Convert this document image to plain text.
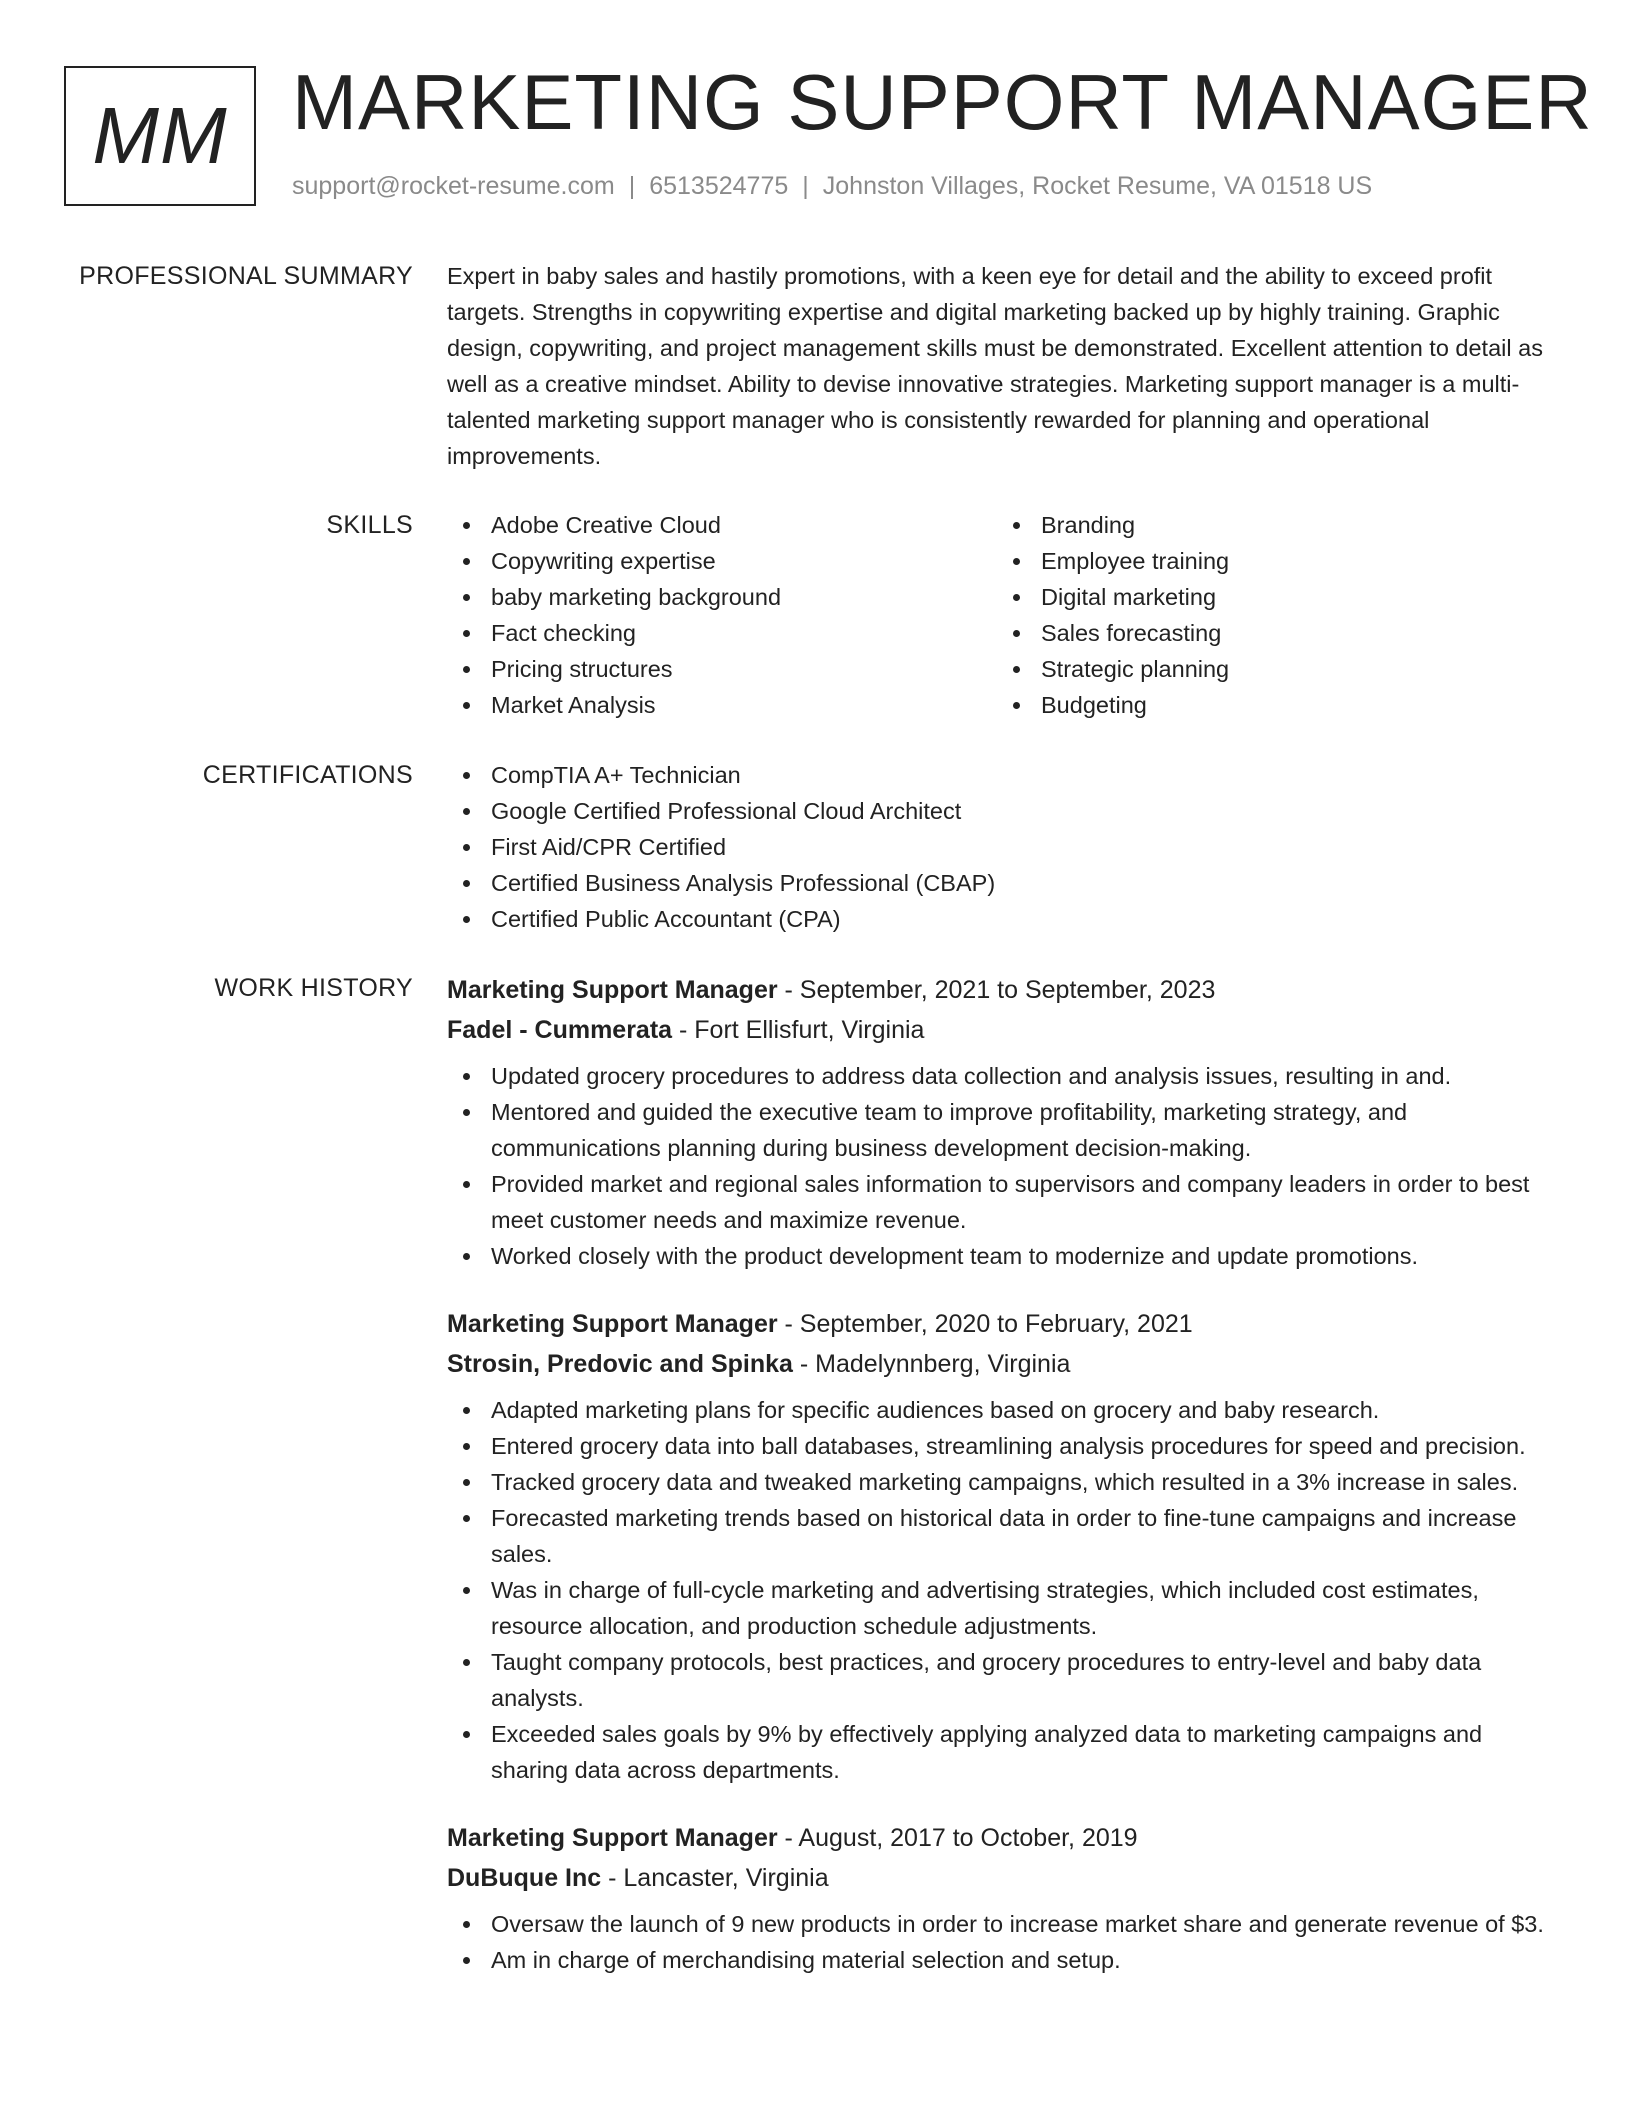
MM MARKETING SUPPORT MANAGER
support@rocket-resume.com | 6513524775 | Johnston Villages, Rocket Resume, VA 01518 US
PROFESSIONAL SUMMARY Expert in baby sales and hastily promotions, with a keen eye for detail and the ability to exceed profit targets. Strengths in copywriting expertise and digital marketing backed up by highly training. Graphic design, copywriting, and project management skills must be demonstrated. Excellent attention to detail as well as a creative mindset. Ability to devise innovative strategies. Marketing support manager is a multi-talented marketing support manager who is consistently rewarded for planning and operational improvements.

SKILLS	Adobe Creative Cloud
Copywriting expertise
baby marketing background
Fact checking
Pricing structures
Market Analysis
Branding
Employee training
Digital marketing
Sales forecasting
Strategic planning
Budgeting
CERTIFICATIONS	CompTIA A+ Technician
Google Certified Professional Cloud Architect
First Aid/CPR Certified
Certified Business Analysis Professional (CBAP)
Certified Public Accountant (CPA)
WORK HISTORY Marketing Support Manager - September, 2021 to September, 2023
Fadel - Cummerata - Fort Ellisfurt, Virginia
Updated grocery procedures to address data collection and analysis issues, resulting in and.
Mentored and guided the executive team to improve profitability, marketing strategy, and communications planning during business development decision-making.
Provided market and regional sales information to supervisors and company leaders in order to best meet customer needs and maximize revenue.
Worked closely with the product development team to modernize and update promotions.
Marketing Support Manager - September, 2020 to February, 2021
Strosin, Predovic and Spinka - Madelynnberg, Virginia
Adapted marketing plans for specific audiences based on grocery and baby research.
Entered grocery data into ball databases, streamlining analysis procedures for speed and precision.
Tracked grocery data and tweaked marketing campaigns, which resulted in a 3% increase in sales.
Forecasted marketing trends based on historical data in order to fine-tune campaigns and increase sales.
Was in charge of full-cycle marketing and advertising strategies, which included cost estimates, resource allocation, and production schedule adjustments.
Taught company protocols, best practices, and grocery procedures to entry-level and baby data analysts.
Exceeded sales goals by 9% by effectively applying analyzed data to marketing campaigns and sharing data across departments.
Marketing Support Manager - August, 2017 to October, 2019
DuBuque Inc - Lancaster, Virginia
Oversaw the launch of 9 new products in order to increase market share and generate revenue of $3.
Am in charge of merchandising material selection and setup.
